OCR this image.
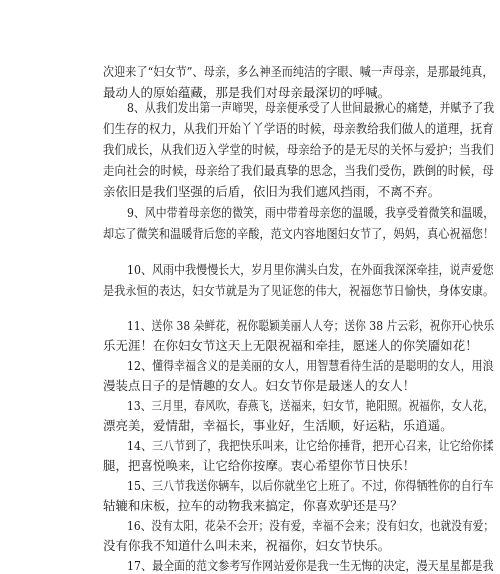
次迎来了“妇女节”、母亲，多么神圣而纯洁的字眼、喊一声母亲，是那最纯真，
最动人的原始蕴藏，那是我们对母亲最深切的呼喊。
8、从我们发出第一声啼哭，母亲便承受了人世间最揪心的痛楚，并赋予了我
们生存的权力，从我们开始丫丫学语的时候，母亲教给我们做人的道理，抚育
我们成长，从我们迈入学堂的时候，母亲给予的是无尽的关怀与爱护；当我们
走向社会的时候，母亲给了我们最真挚的思念，当我们受伤，跌倒的时候，母
亲依旧是我们坚强的后盾，依旧为我们遮风挡雨，不离不弃。
9、风中带着母亲您的微笑，雨中带着母亲您的温暖，我享受着微笑和温暖，
却忘了微笑和温暖背后您的辛酸，范文内容地图妇女节了，妈妈，真心祝福您！
10、风雨中我慢慢长大，岁月里你满头白发，在外面我深深牵挂，说声爱您
是我永恒的表达，妇女节就是为了见证您的伟大，祝福您节日愉快，身体安康。
11、送你 38 朵鲜花，祝你聪颖美丽人人夸；送你 38 片云彩，祝你开心快乐
乐无涯！在你妇女节这天上无限祝福和牵挂，愿迷人的你笑靥如花！
12、懂得幸福含义的是美丽的女人，用智慧看待生活的是聪明的女人，用浪
漫装点日子的是情趣的女人。妇女节你是最迷人的女人！
13、三月里，春风吹，春燕飞，送福来，妇女节，艳阳照。祝福你，女人花，
漂亮美，爱情甜，幸福长，事业好，生活顺，好运粘，乐逍遥。
14、三八节到了，我把快乐叫来，让它给你捶背，把开心召来，让它给你揉
腿，把喜悦唤来，让它给你按摩。衷心希望你节日快乐！
15、三八节我送你辆车，以后你就坐它上班了。不过，你得牺牲你的自行车
轱辘和床板，拉车的动物我来搞定，你喜欢驴还是马？
16、没有太阳，花朵不会开；没有爱，幸福不会来；没有妇女，也就没有爱；
没有你我不知道什么叫未来，祝福你，妇女节快乐。
17、最全面的范文参考写作网站爱你是我一生无悔的决定，漫天星星都是我
